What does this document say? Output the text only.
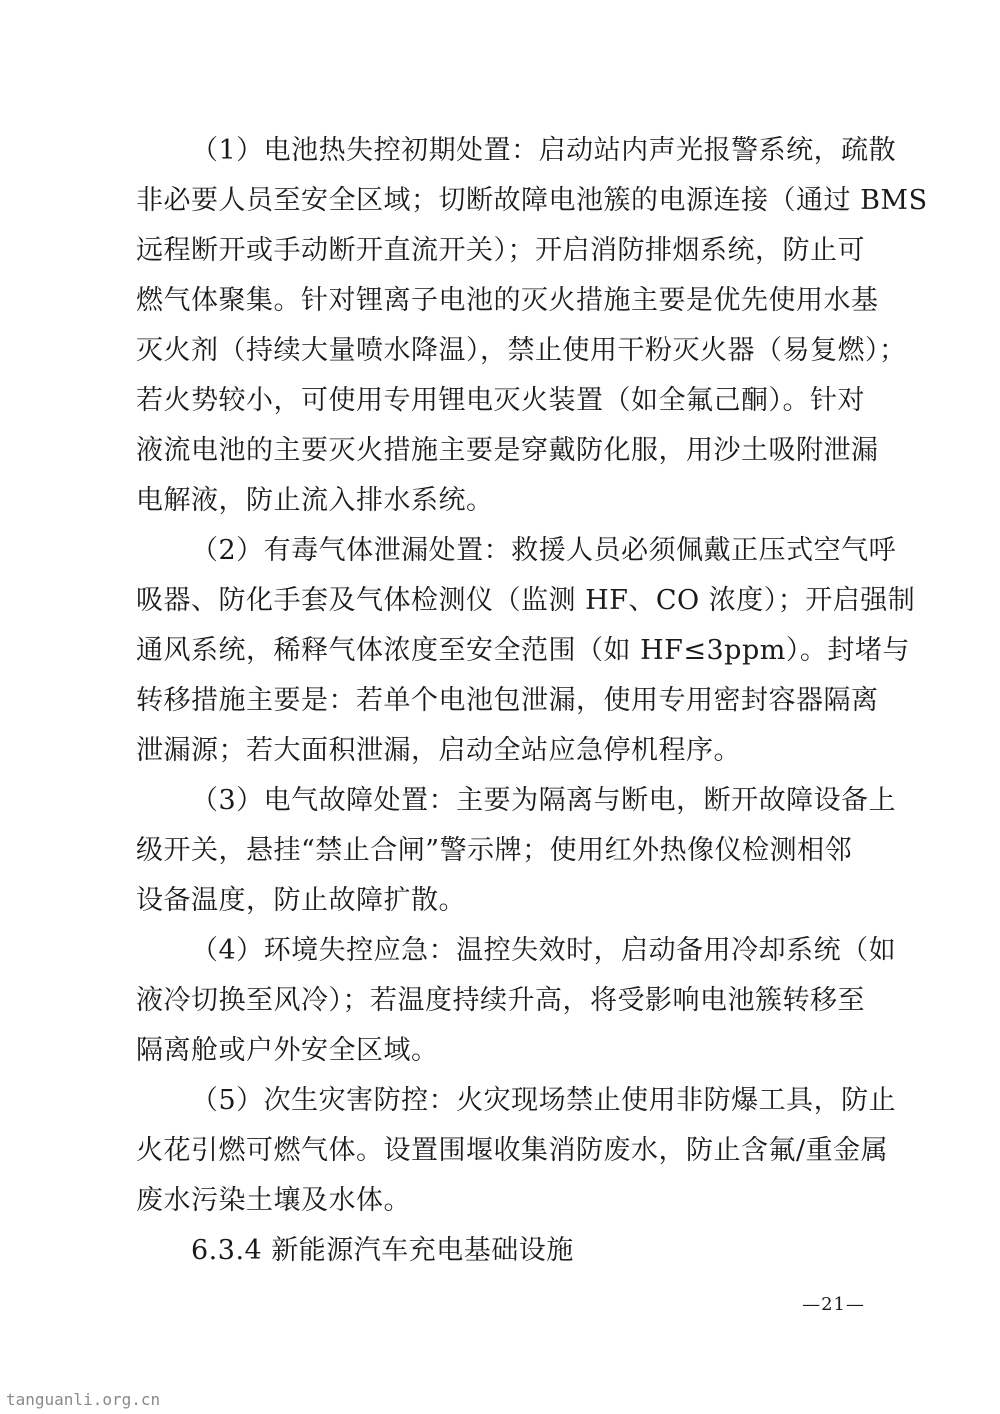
（1）电池热失控初期处置：启动站内声光报警系统，疏散
非必要人员至安全区域；切断故障电池簇的电源连接（通过 BMS
远程断开或手动断开直流开关）；开启消防排烟系统，防止可
燃气体聚集。针对锂离子电池的灭火措施主要是优先使用水基
灭火剂（持续大量喷水降温），禁止使用干粉灭火器（易复燃）；
若火势较小，可使用专用锂电灭火装置（如全氟己酮）。针对
液流电池的主要灭火措施主要是穿戴防化服，用沙土吸附泄漏
电解液，防止流入排水系统。
（2）有毒气体泄漏处置：救援人员必须佩戴正压式空气呼
吸器、防化手套及气体检测仪（监测 HF、CO 浓度）；开启强制
通风系统，稀释气体浓度至安全范围（如 HF≤3ppm）。封堵与
转移措施主要是：若单个电池包泄漏，使用专用密封容器隔离
泄漏源；若大面积泄漏，启动全站应急停机程序。
（3）电气故障处置：主要为隔离与断电，断开故障设备上
级开关，悬挂“禁止合闸”警示牌；使用红外热像仪检测相邻
设备温度，防止故障扩散。
（4）环境失控应急：温控失效时，启动备用冷却系统（如
液冷切换至风冷）；若温度持续升高，将受影响电池簇转移至
隔离舱或户外安全区域。
（5）次生灾害防控：火灾现场禁止使用非防爆工具，防止
火花引燃可燃气体。设置围堰收集消防废水，防止含氟/重金属
废水污染土壤及水体。
6.3.4 新能源汽车充电基础设施
—21—
tanguanli.org.cn
